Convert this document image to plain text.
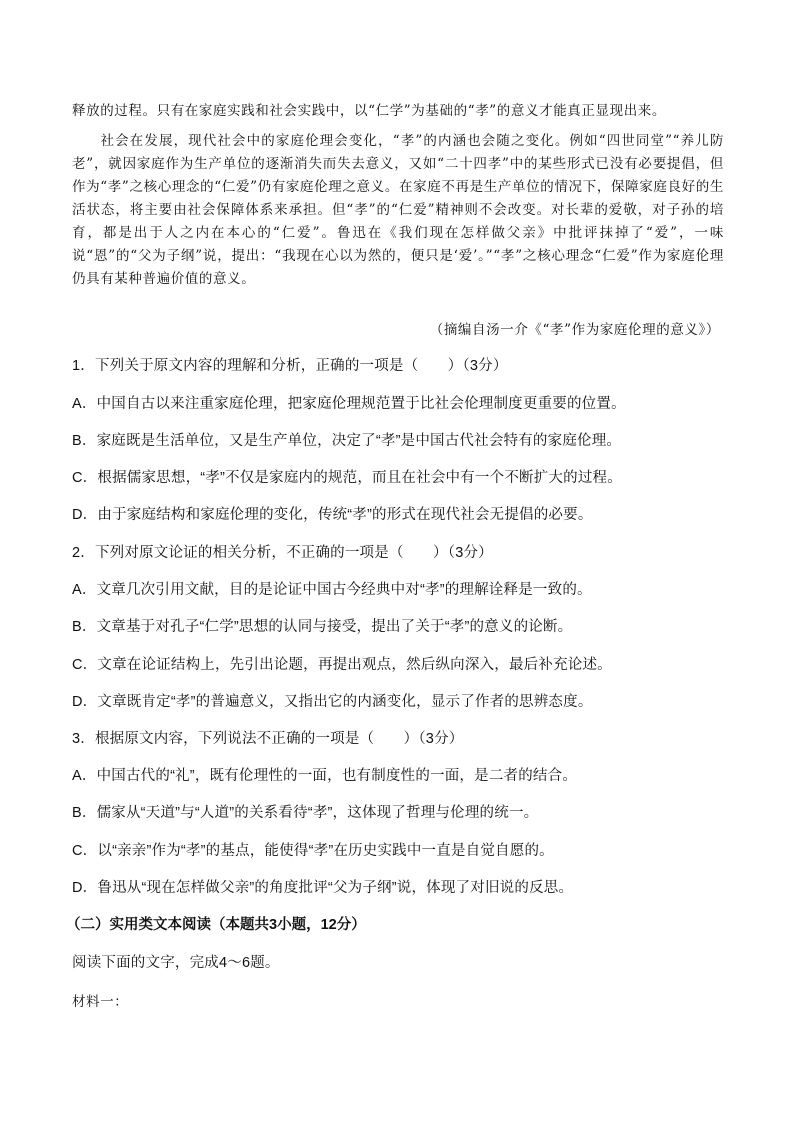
释放的过程。只有在家庭实践和社会实践中，以“仁学”为基础的“孝”的意义才能真正显现出来。
社会在发展，现代社会中的家庭伦理会变化，“孝”的内涵也会随之变化。例如“四世同堂”“养儿防老”，就因家庭作为生产单位的逐渐消失而失去意义，又如“二十四孝”中的某些形式已没有必要提倡，但作为“孝”之核心理念的“仁爱”仍有家庭伦理之意义。在家庭不再是生产单位的情况下，保障家庭良好的生活状态，将主要由社会保障体系来承担。但“孝”的“仁爱”精神则不会改变。对长辈的爱敬，对子孙的培育，都是出于人之内在本心的“仁爱”。鲁迅在《我们现在怎样做父亲》中批评抹掉了“爱”，一味说“恩”的“父为子纲”说，提出：“我现在心以为然的，便只是‘爱’。”“孝”之核心理念“仁爱”作为家庭伦理仍具有某种普遍价值的意义。
（摘编自汤一介《“孝”作为家庭伦理的意义》）
1．下列关于原文内容的理解和分析，正确的一项是（　　）（3分）
A．中国自古以来注重家庭伦理，把家庭伦理规范置于比社会伦理制度更重要的位置。
B．家庭既是生活单位，又是生产单位，决定了“孝”是中国古代社会特有的家庭伦理。
C．根据儒家思想，“孝”不仅是家庭内的规范，而且在社会中有一个不断扩大的过程。
D．由于家庭结构和家庭伦理的变化，传统“孝”的形式在现代社会无提倡的必要。
2．下列对原文论证的相关分析，不正确的一项是（　　）（3分）
A．文章几次引用文献，目的是论证中国古今经典中对“孝”的理解诠释是一致的。
B．文章基于对孔子“仁学”思想的认同与接受，提出了关于“孝”的意义的论断。
C．文章在论证结构上，先引出论题，再提出观点，然后纵向深入，最后补充论述。
D．文章既肯定“孝”的普遍意义，又指出它的内涵变化，显示了作者的思辨态度。
3．根据原文内容，下列说法不正确的一项是（　　）（3分）
A．中国古代的“礼”，既有伦理性的一面，也有制度性的一面，是二者的结合。
B．儒家从“天道”与“人道”的关系看待“孝”，这体现了哲理与伦理的统一。
C．以“亲亲”作为“孝”的基点，能使得“孝”在历史实践中一直是自觉自愿的。
D．鲁迅从“现在怎样做父亲”的角度批评“父为子纲”说，体现了对旧说的反思。
（二）实用类文本阅读（本题共3小题，12分）
阅读下面的文字，完成4～6题。
材料一：
